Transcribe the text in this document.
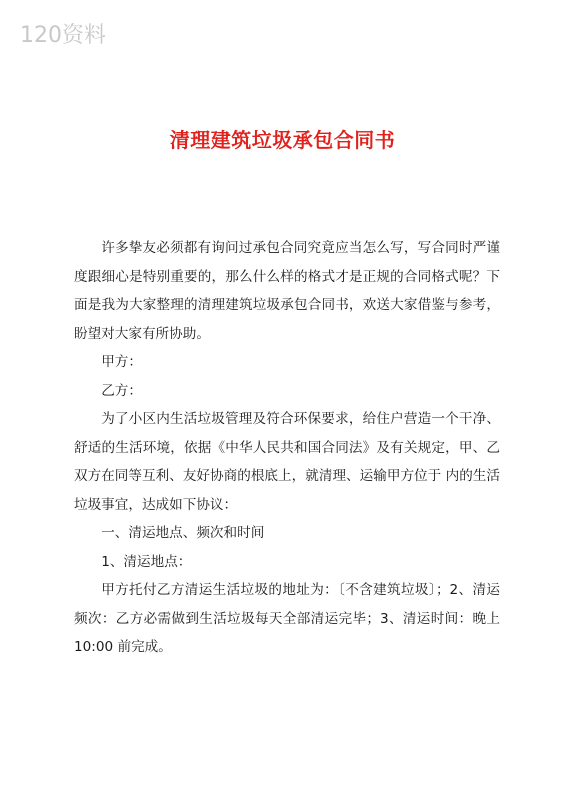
120资料
清理建筑垃圾承包合同书

许多挚友必须都有询问过承包合同究竟应当怎么写，写合同时严谨度跟细心是特别重要的，那么什么样的格式才是正规的合同格式呢？下面是我为大家整理的清理建筑垃圾承包合同书，欢送大家借鉴与参考，盼望对大家有所协助。

甲方：

乙方：

为了小区内生活垃圾管理及符合环保要求，给住户营造一个干净、舒适的生活环境，依据《中华人民共和国合同法》及有关规定，甲、乙双方在同等互利、友好协商的根底上，就清理、运输甲方位于 内的生活垃圾事宜，达成如下协议：

一、清运地点、频次和时间

1、清运地点：

甲方托付乙方清运生活垃圾的地址为：〔不含建筑垃圾〕；2、清运频次：乙方必需做到生活垃圾每天全部清运完毕；3、清运时间：晚上10:00 前完成。
